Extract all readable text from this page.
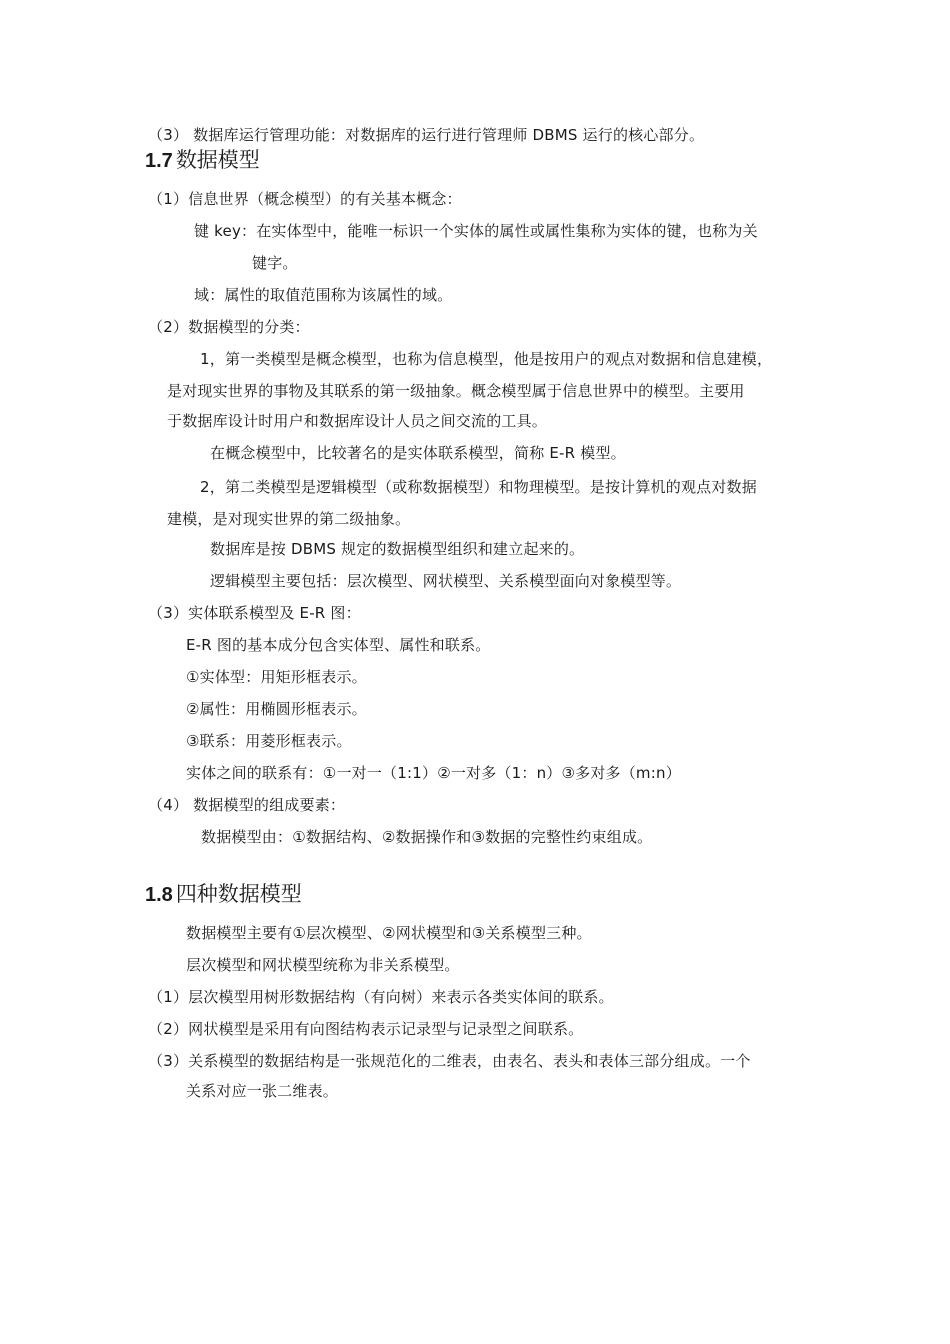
（3） 数据库运行管理功能：对数据库的运行进行管理师 DBMS 运行的核心部分。
1.7 数据模型
（1）信息世界（概念模型）的有关基本概念：
键 key：在实体型中，能唯一标识一个实体的属性或属性集称为实体的键，也称为关
键字。
域：属性的取值范围称为该属性的域。
（2）数据模型的分类：
1，第一类模型是概念模型，也称为信息模型，他是按用户的观点对数据和信息建模，
是对现实世界的事物及其联系的第一级抽象。概念模型属于信息世界中的模型。主要用
于数据库设计时用户和数据库设计人员之间交流的工具。
在概念模型中，比较著名的是实体联系模型，简称 E-R 模型。
2，第二类模型是逻辑模型（或称数据模型）和物理模型。是按计算机的观点对数据
建模，是对现实世界的第二级抽象。
数据库是按 DBMS 规定的数据模型组织和建立起来的。
逻辑模型主要包括：层次模型、网状模型、关系模型面向对象模型等。
（3）实体联系模型及 E-R 图：
E-R 图的基本成分包含实体型、属性和联系。
①实体型：用矩形框表示。
②属性：用椭圆形框表示。
③联系：用菱形框表示。
实体之间的联系有：①一对一（1:1）②一对多（1：n）③多对多（m:n）
（4） 数据模型的组成要素：
数据模型由：①数据结构、②数据操作和③数据的完整性约束组成。
1.8 四种数据模型
数据模型主要有①层次模型、②网状模型和③关系模型三种。
层次模型和网状模型统称为非关系模型。
（1）层次模型用树形数据结构（有向树）来表示各类实体间的联系。
（2）网状模型是采用有向图结构表示记录型与记录型之间联系。
（3）关系模型的数据结构是一张规范化的二维表，由表名、表头和表体三部分组成。一个
关系对应一张二维表。
